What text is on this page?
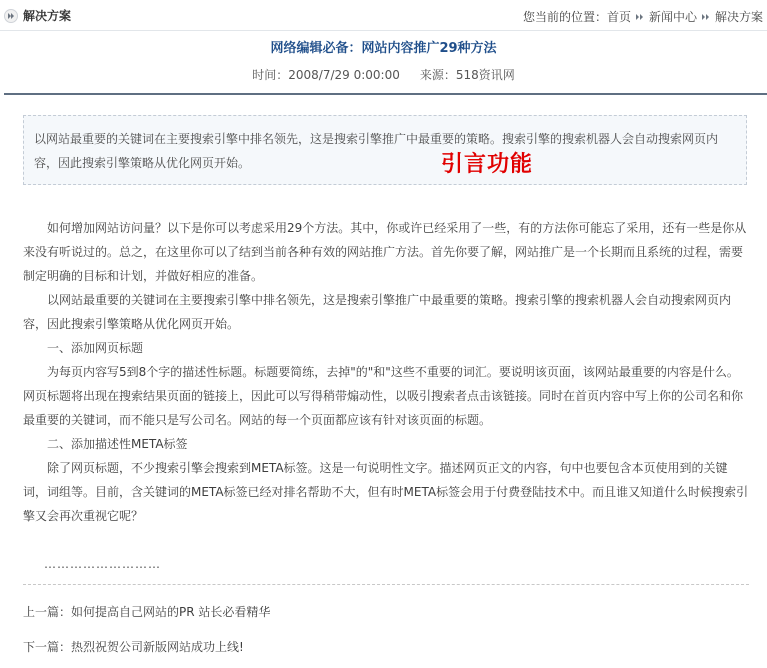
解决方案	您当前的位置： 首页 新闻中心 解决方案
网络编辑必备：网站内容推广29种方法
时间：2008/7/29 0:00:00 来源：518资讯网
以网站最重要的关键词在主要搜索引擎中排名领先，这是搜索引擎推广中最重要的策略。搜索引擎的搜索机器人会自动搜索网页内容，因此搜索引擎策略从优化网页开始。	引言功能

如何增加网站访问量？以下是你可以考虑采用29个方法。其中，你或许已经采用了一些，有的方法你可能忘了采用，还有一些是你从来没有听说过的。总之，在这里你可以了结到当前各种有效的网站推广方法。首先你要了解，网站推广是一个长期而且系统的过程，需要制定明确的目标和计划，并做好相应的准备。

以网站最重要的关键词在主要搜索引擎中排名领先，这是搜索引擎推广中最重要的策略。搜索引擎的搜索机器人会自动搜索网页内容，因此搜索引擎策略从优化网页开始。

一、添加网页标题

为每页内容写5到8个字的描述性标题。标题要简练，去掉"的"和"这些不重要的词汇。要说明该页面，该网站最重要的内容是什么。网页标题将出现在搜索结果页面的链接上，因此可以写得稍带煽动性，以吸引搜索者点击该链接。同时在首页内容中写上你的公司名和你最重要的关键词，而不能只是写公司名。网站的每一个页面都应该有针对该页面的标题。

二、添加描述性META标签

除了网页标题，不少搜索引擎会搜索到META标签。这是一句说明性文字。描述网页正文的内容，句中也要包含本页使用到的关键词，词组等。目前，含关键词的META标签已经对排名帮助不大，但有时META标签会用于付费登陆技术中。而且谁又知道什么时候搜索引擎又会再次重视它呢？

………………………
上一篇：如何提高自己网站的PR 站长必看精华
下一篇：热烈祝贺公司新版网站成功上线!
